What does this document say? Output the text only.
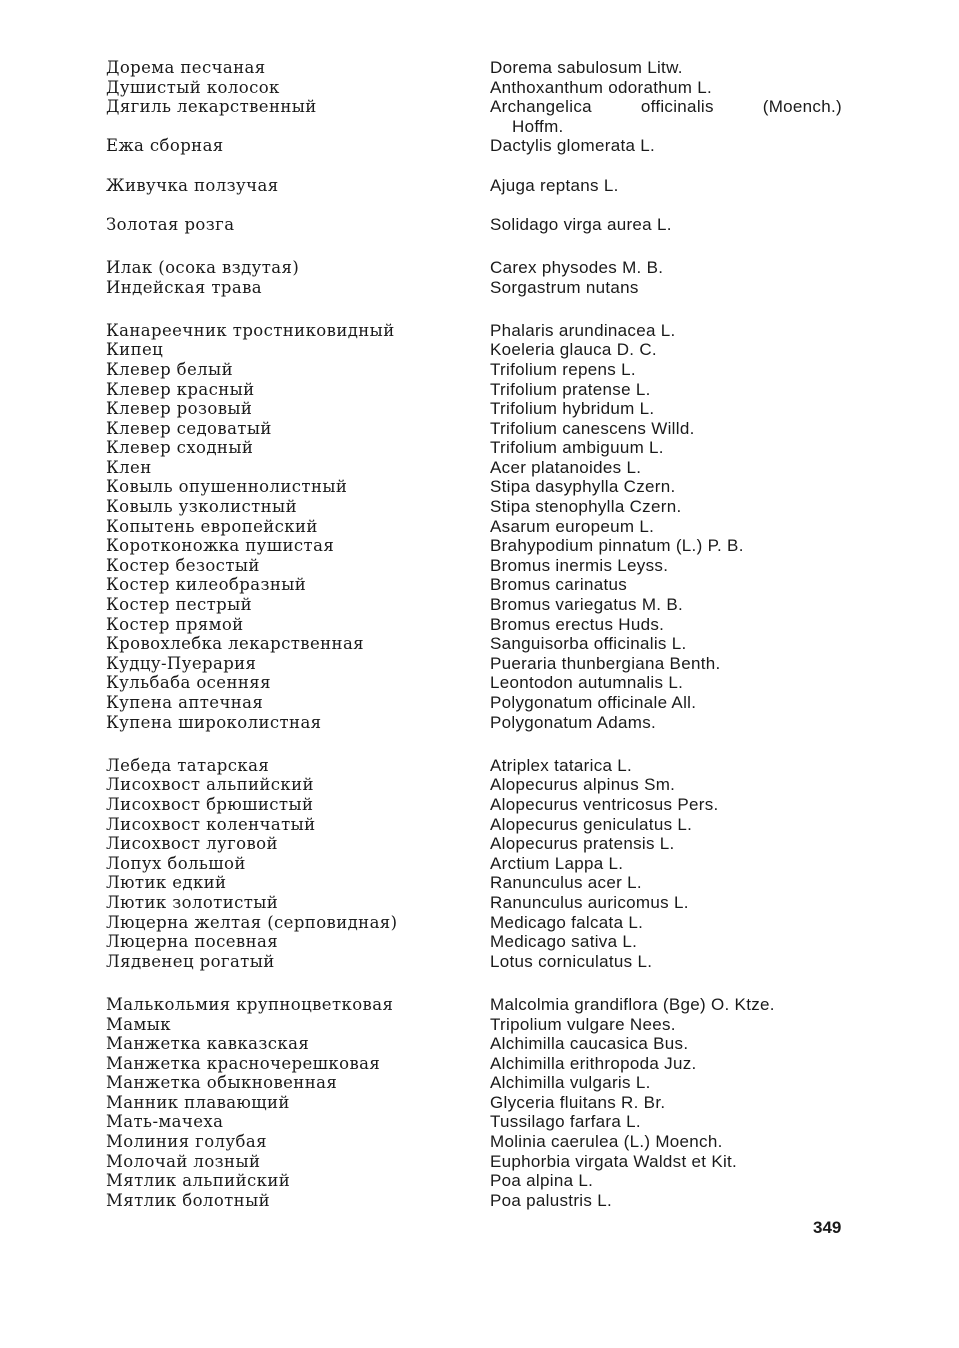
Дорема песчаная
Душистый колосок
Дягиль лекарственный
Ежа сборная
Живучка ползучая
Золотая розга
Илак (осока вздутая)
Индейская трава
Канареечник тростниковидный
Кипец
Клевер белый
Клевер красный
Клевер розовый
Клевер седоватый
Клевер сходный
Клен
Ковыль опушеннолистный
Ковыль узколистный
Копытень европейский
Коротконожка пушистая
Костер безостый
Костер килеобразный
Костер пестрый
Костер прямой
Кровохлебка лекарственная
Кудцу-Пуерария
Кульбаба осенняя
Купена аптечная
Купена широколистная
Лебеда татарская
Лисохвост альпийский
Лисохвост брюшистый
Лисохвост коленчатый
Лисохвост луговой
Лопух большой
Лютик едкий
Лютик золотистый
Люцерна желтая (серповидная)
Люцерна посевная
Лядвенец рогатый
Малькольмия крупноцветковая
Мамык
Манжетка кавказская
Манжетка красночерешковая
Манжетка обыкновенная
Манник плавающий
Мать-мачеха
Молиния голубая
Молочай лозный
Мятлик альпийский
Мятлик болотный
Dorema sabulosum Litw.
Anthoxanthum odorathum L.
Archangelica	officinalis	(Moench.)
Hoffm.
Dactylis glomerata L.
Ajuga reptans L.
Solidago virga aurea L.
Carex physodes M. B.
Sorgastrum nutans
Phalaris arundinacea L.
Koeleria glauca D. C.
Trifolium repens L.
Trifolium pratense L.
Trifolium hybridum L.
Trifolium canescens Willd.
Trifolium ambiguum L.
Acer platanoides L.
Stipa dasyphylla Czern.
Stipa stenophylla Czern.
Asarum europeum L.
Brahypodium pinnatum (L.) P. B.
Bromus inermis Leyss.
Bromus carinatus
Bromus variegatus M. B.
Bromus erectus Huds.
Sanguisorba officinalis L.
Pueraria thunbergiana Benth.
Leontodon autumnalis L.
Polygonatum officinale All.
Polygonatum Adams.
Atriplex tatarica L.
Alopecurus alpinus Sm.
Alopecurus ventricosus Pers.
Alopecurus geniculatus L.
Alopecurus pratensis L.
Arctium Lappa L.
Ranunculus acer L.
Ranunculus auricomus L.
Medicago falcata L.
Medicago sativa L.
Lotus corniculatus L.
Malcolmia grandiflora (Bge) O. Ktze.
Tripolium vulgare Nees.
Alchimilla caucasica Bus.
Alchimilla erithropoda Juz.
Alchimilla vulgaris L.
Glyceria fluitans R. Br.
Tussilago farfara L.
Molinia caerulea (L.) Moench.
Euphorbia virgata Waldst et Kit.
Poa alpina L.
Poa palustris L.
349
